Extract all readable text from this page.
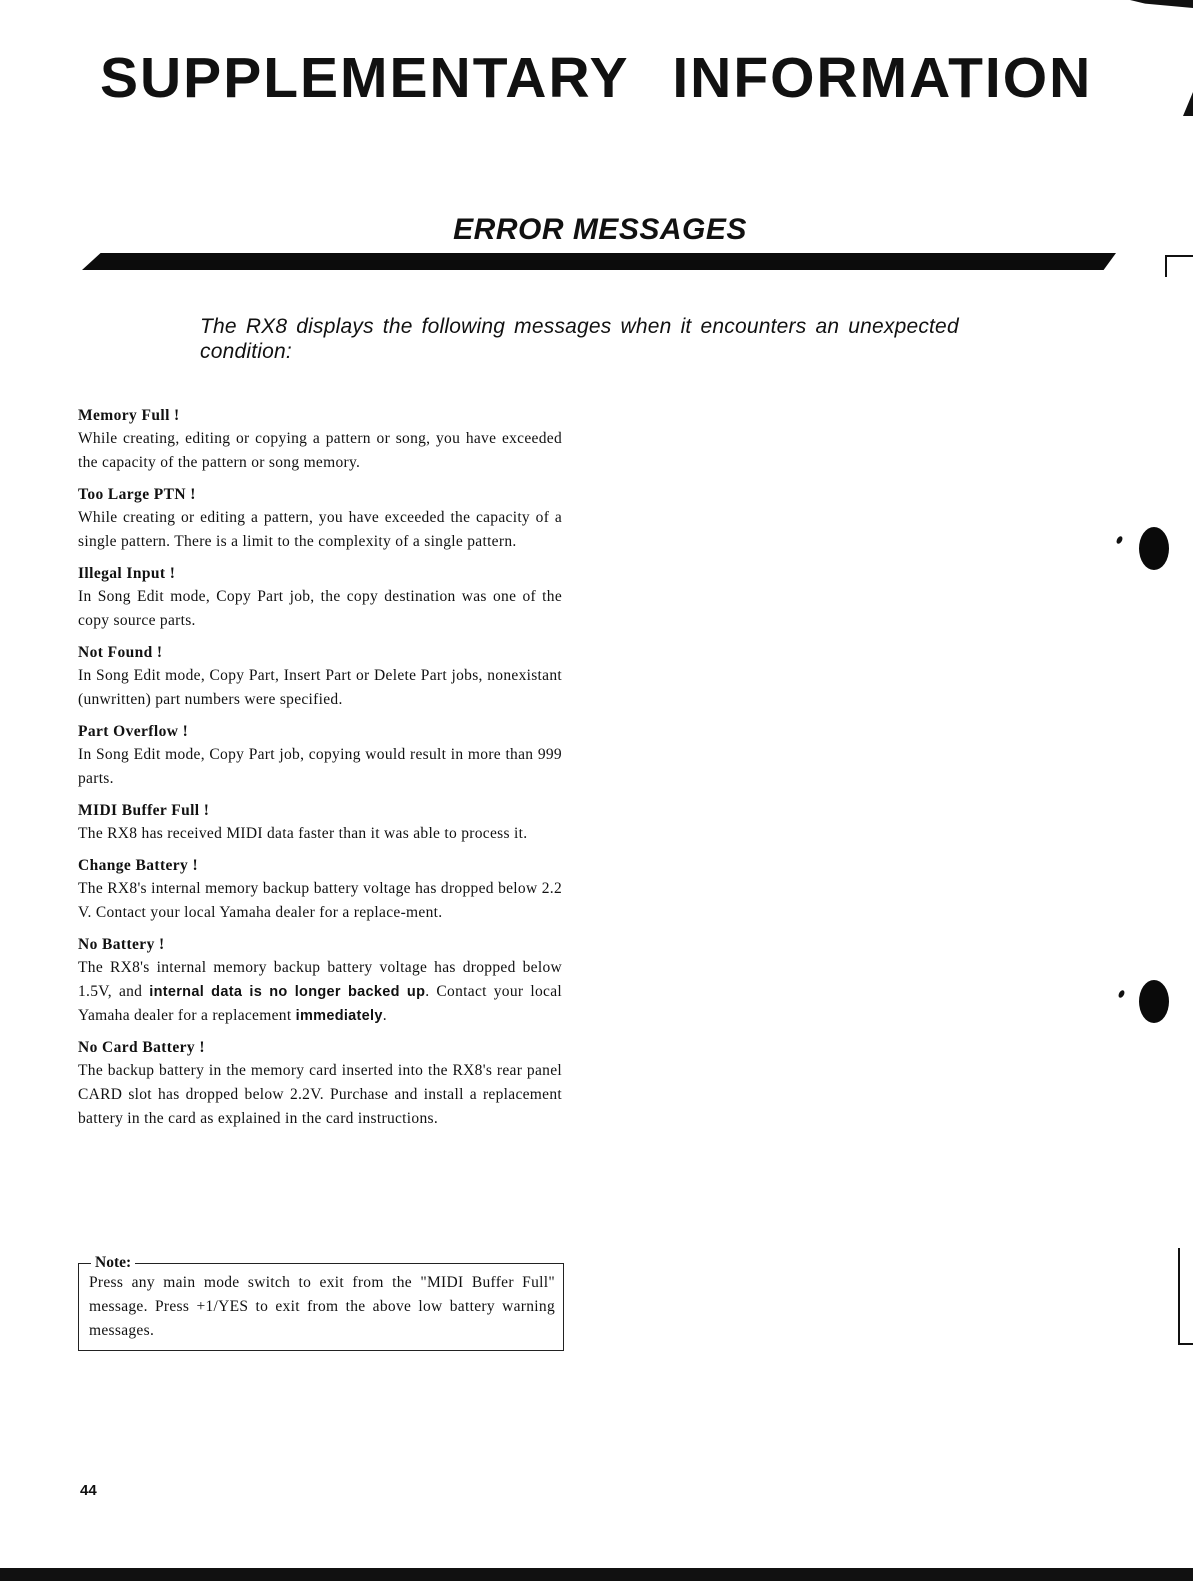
SUPPLEMENTARY INFORMATION
ERROR MESSAGES

The RX8 displays the following messages when it encounters an unexpected condition:

Memory Full !

While creating, editing or copying a pattern or song, you have exceeded the capacity of the pattern or song memory.

Too Large PTN !

While creating or editing a pattern, you have exceeded the capacity of a single pattern. There is a limit to the complexity of a single pattern.

Illegal Input !

In Song Edit mode, Copy Part job, the copy destination was one of the copy source parts.

Not Found !

In Song Edit mode, Copy Part, Insert Part or Delete Part jobs, nonexistant (unwritten) part numbers were specified.

Part Overflow !

In Song Edit mode, Copy Part job, copying would result in more than 999 parts.

MIDI Buffer Full !

The RX8 has received MIDI data faster than it was able to process it.

Change Battery !

The RX8's internal memory backup battery voltage has dropped below 2.2 V. Contact your local Yamaha dealer for a replace-ment.

No Battery !

The RX8's internal memory backup battery voltage has dropped below 1.5V, and internal data is no longer backed up. Contact your local Yamaha dealer for a replacement immediately.

No Card Battery !

The backup battery in the memory card inserted into the RX8's rear panel CARD slot has dropped below 2.2V. Purchase and install a replacement battery in the card as explained in the card instructions.

Note:

Press any main mode switch to exit from the "MIDI Buffer Full" message. Press +1/YES to exit from the above low battery warning messages.

44
